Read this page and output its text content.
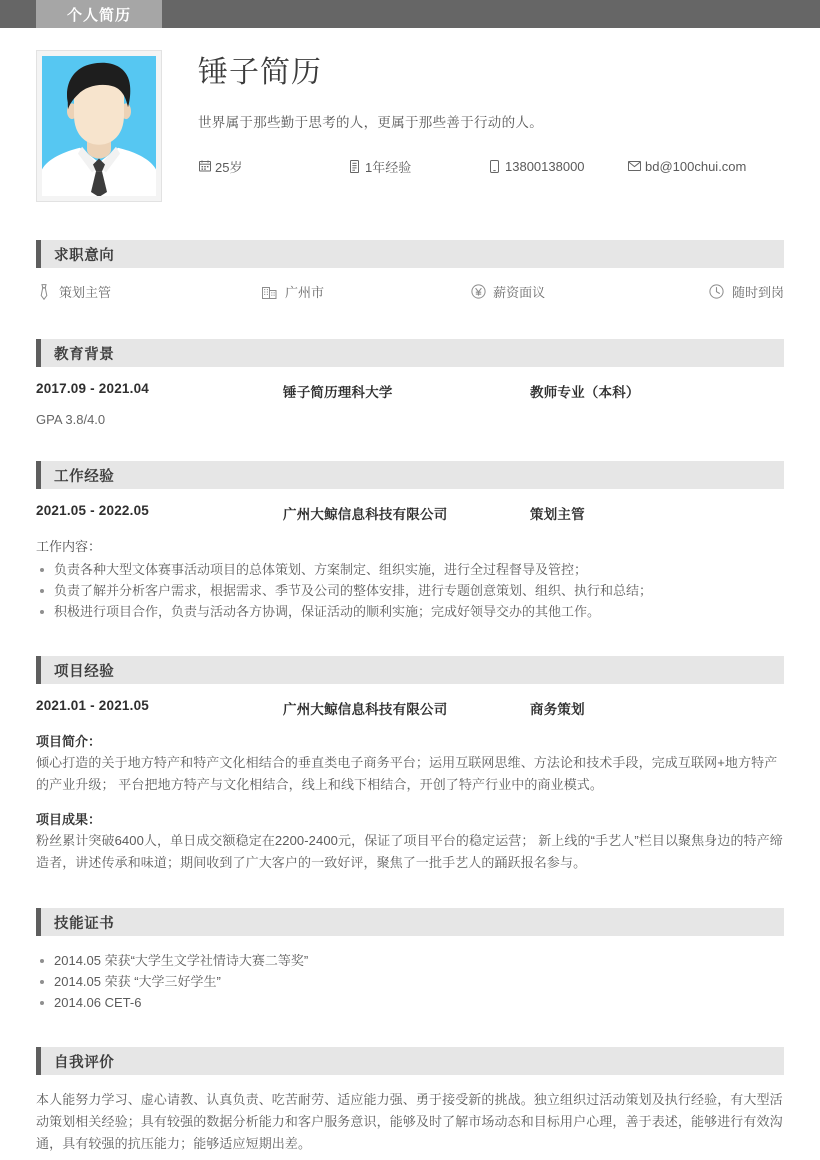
个人简历
锤子简历
世界属于那些勤于思考的人，更属于那些善于行动的人。
25岁	1年经验	13800138000	bd@100chui.com
求职意向
策划主管	广州市	薪资面议	随时到岗
教育背景
2017.09 - 2021.04	锤子简历理科大学	教师专业（本科）
GPA 3.8/4.0
工作经验
2021.05 - 2022.05	广州大鲸信息科技有限公司	策划主管
工作内容：
负责各种大型文体赛事活动项目的总体策划、方案制定、组织实施，进行全过程督导及管控；
负责了解并分析客户需求，根据需求、季节及公司的整体安排，进行专题创意策划、组织、执行和总结；
积极进行项目合作，负责与活动各方协调，保证活动的顺利实施；完成好领导交办的其他工作。
项目经验
2021.01 - 2021.05	广州大鲸信息科技有限公司	商务策划
项目简介：
倾心打造的关于地方特产和特产文化相结合的垂直类电子商务平台；运用互联网思维、方法论和技术手段，完成互联网+地方特产的产业升级； 平台把地方特产与文化相结合，线上和线下相结合，开创了特产行业中的商业模式。
项目成果：
粉丝累计突破6400人，单日成交额稳定在2200-2400元，保证了项目平台的稳定运营； 新上线的“手艺人”栏目以聚焦身边的特产缔造者，讲述传承和味道；期间收到了广大客户的一致好评，聚焦了一批手艺人的踊跃报名参与。
技能证书
2014.05 荣获“大学生文学社情诗大赛二等奖”
2014.05 荣获 “大学三好学生”
2014.06 CET-6
自我评价
本人能努力学习、虚心请教、认真负责、吃苦耐劳、适应能力强、勇于接受新的挑战。独立组织过活动策划及执行经验，有大型活动策划相关经验；具有较强的数据分析能力和客户服务意识，能够及时了解市场动态和目标用户心理，善于表述，能够进行有效沟通，具有较强的抗压能力；能够适应短期出差。
